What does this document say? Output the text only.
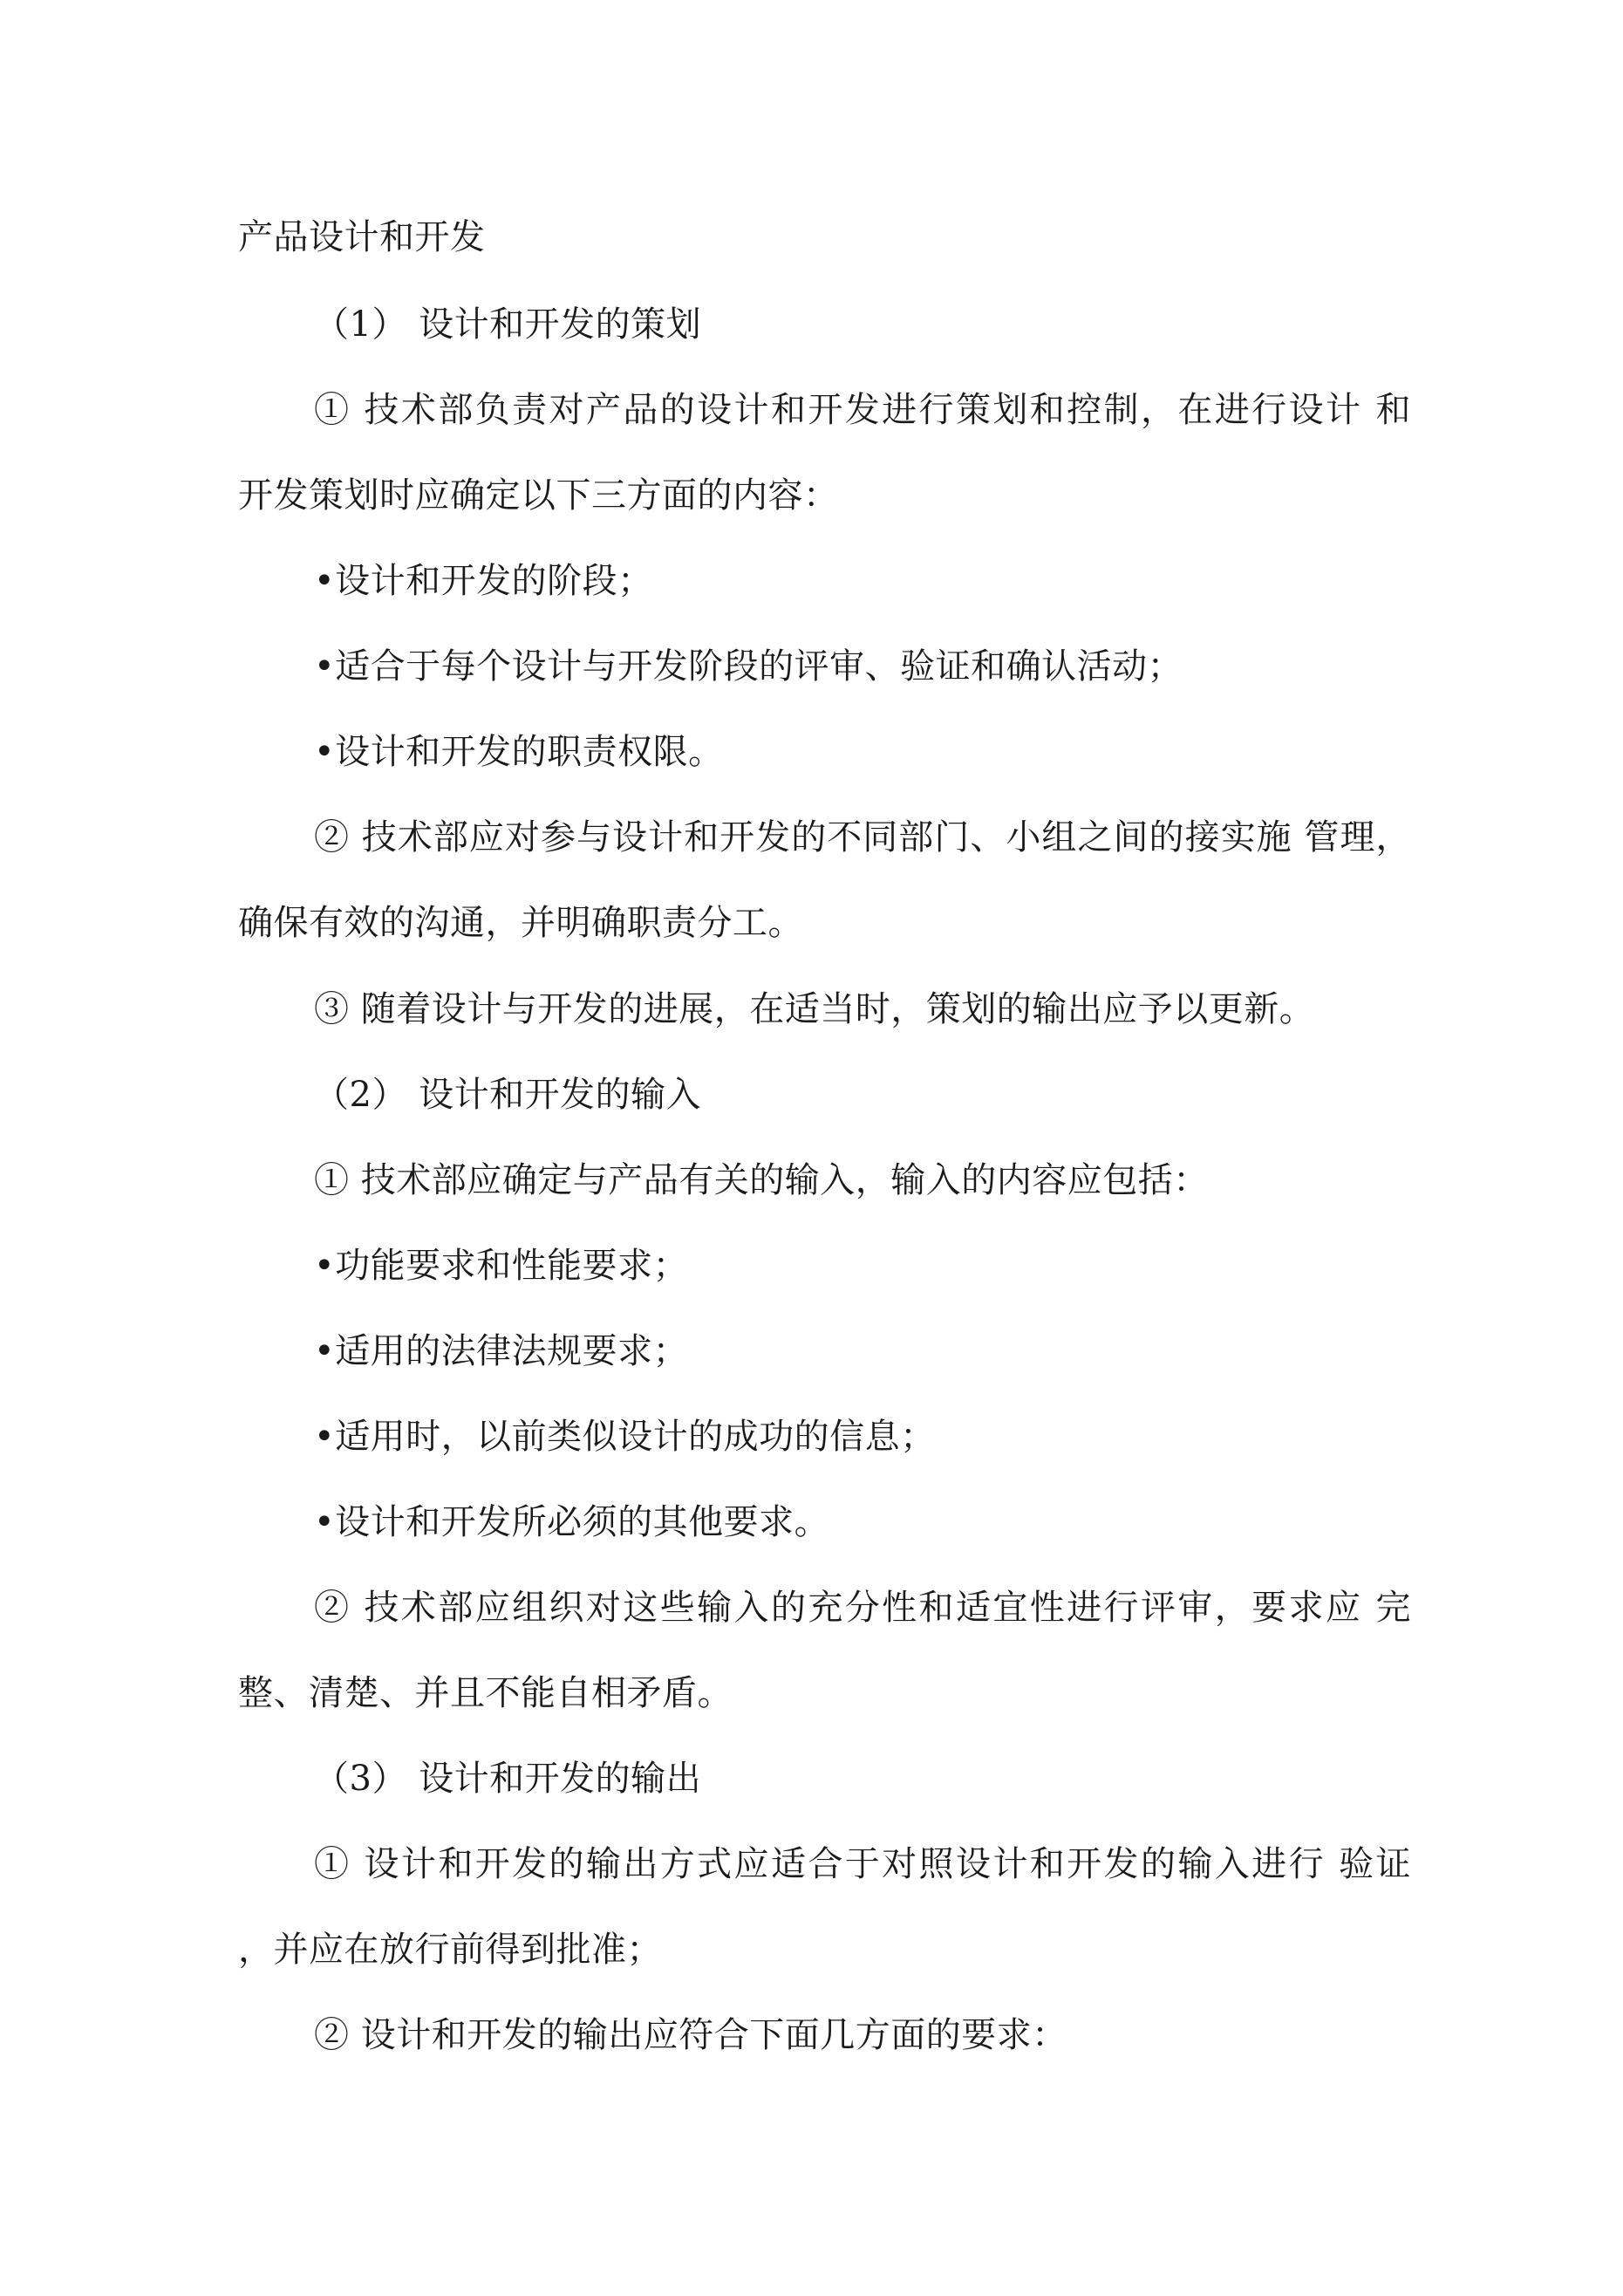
产品设计和开发
（1） 设计和开发的策划
① 技术部负责对产品的设计和开发进行策划和控制，在进行设计 和
开发策划时应确定以下三方面的内容：
•设计和开发的阶段；
•适合于每个设计与开发阶段的评审、验证和确认活动；
•设计和开发的职责权限。
② 技术部应对参与设计和开发的不同部门、小组之间的接实施 管理，
确保有效的沟通，并明确职责分工。
③ 随着设计与开发的进展，在适当时，策划的输出应予以更新。
（2） 设计和开发的输入
① 技术部应确定与产品有关的输入，输入的内容应包括：
•功能要求和性能要求；
•适用的法律法规要求；
•适用时，以前类似设计的成功的信息；
•设计和开发所必须的其他要求。
② 技术部应组织对这些输入的充分性和适宜性进行评审，要求应 完
整、清楚、并且不能自相矛盾。
（3） 设计和开发的输出
① 设计和开发的输出方式应适合于对照设计和开发的输入进行 验证
，并应在放行前得到批准；
② 设计和开发的输出应符合下面几方面的要求：
